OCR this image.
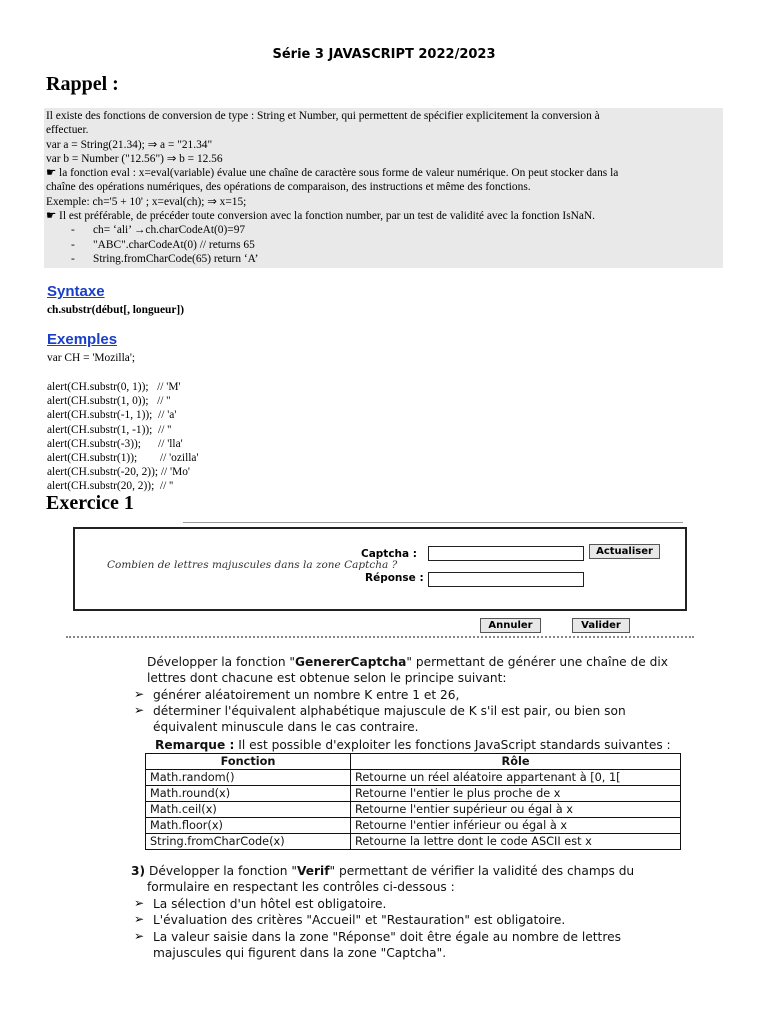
Série 3 JAVASCRIPT 2022/2023
Rappel :
Il existe des fonctions de conversion de type : String et Number, qui permettent de spécifier explicitement la conversion à
effectuer.
var a = String(21.34); ⇒ a = "21.34"
var b = Number ("12.56") ⇒ b = 12.56
☛ la fonction eval : x=eval(variable) évalue une chaîne de caractère sous forme de valeur numérique. On peut stocker dans la
chaîne des opérations numériques, des opérations de comparaison, des instructions et même des fonctions.
Exemple: ch='5 + 10' ; x=eval(ch); ⇒ x=15;
☛ Il est préférable, de précéder toute conversion avec la fonction number, par un test de validité avec la fonction IsNaN.
- ch= ‘ali’ →ch.charCodeAt(0)=97
- "ABC".charCodeAt(0) // returns 65
- String.fromCharCode(65) return ‘A’
Syntaxe
ch.substr(début[, longueur])
Exemples
var CH = 'Mozilla';
alert(CH.substr(0, 1));   // 'M'
alert(CH.substr(1, 0));   // ''
alert(CH.substr(-1, 1));  // 'a'
alert(CH.substr(1, -1));  // ''
alert(CH.substr(-3));      // 'lla'
alert(CH.substr(1));        // 'ozilla'
alert(CH.substr(-20, 2)); // 'Mo'
alert(CH.substr(20, 2));  // ''
Exercice 1
Captcha :
Combien de lettres majuscules dans la zone Captcha ?
Réponse :
Actualiser
Annuler	Valider
Développer la fonction "GenererCaptcha" permettant de générer une chaîne de dix
lettres dont chacune est obtenue selon le principe suivant:
➢ générer aléatoirement un nombre K entre 1 et 26,
➢ déterminer l'équivalent alphabétique majuscule de K s'il est pair, ou bien son
équivalent minuscule dans le cas contraire.
Remarque : Il est possible d'exploiter les fonctions JavaScript standards suivantes :
Fonction	Rôle
Math.random()	Retourne un réel aléatoire appartenant à [0, 1[
Math.round(x)	Retourne l'entier le plus proche de x
Math.ceil(x)	Retourne l'entier supérieur ou égal à x
Math.floor(x)	Retourne l'entier inférieur ou égal à x
String.fromCharCode(x)	Retourne la lettre dont le code ASCII est x
3) Développer la fonction "Verif" permettant de vérifier la validité des champs du
formulaire en respectant les contrôles ci-dessous :
➢ La sélection d'un hôtel est obligatoire.
➢ L'évaluation des critères "Accueil" et "Restauration" est obligatoire.
➢ La valeur saisie dans la zone "Réponse" doit être égale au nombre de lettres
majuscules qui figurent dans la zone "Captcha".
